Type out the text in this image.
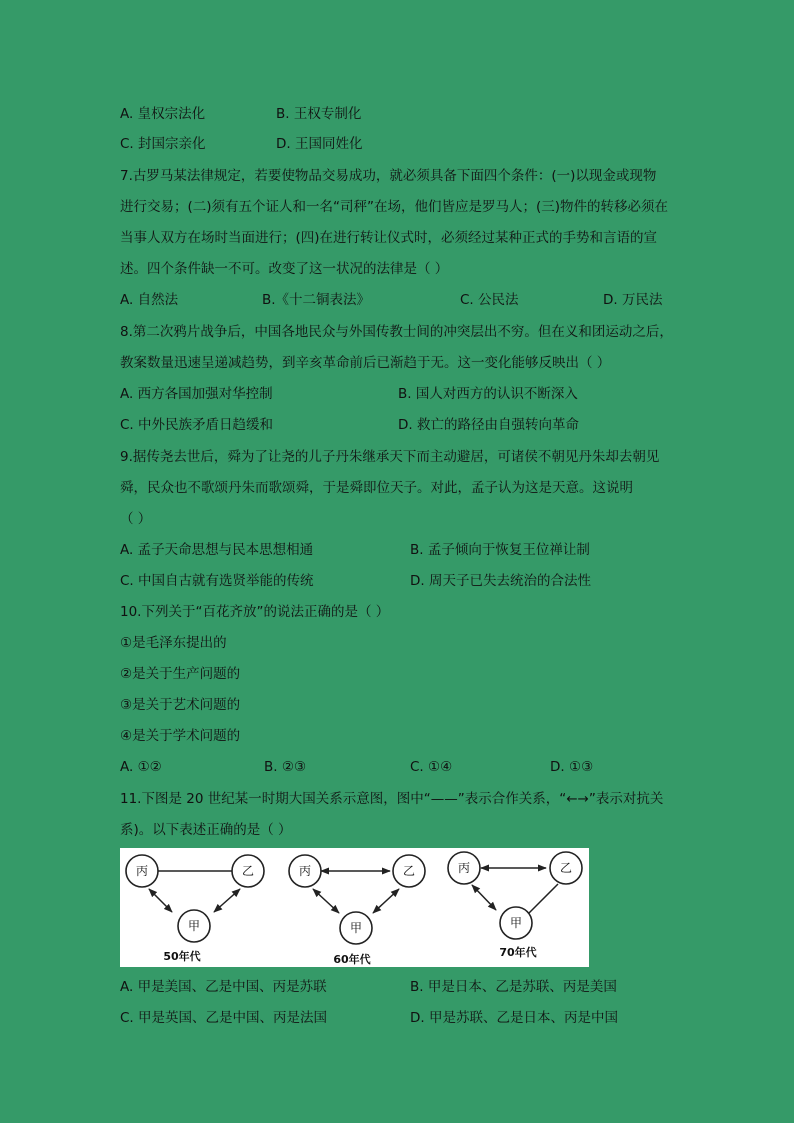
A. 皇权宗法化	B. 王权专制化
C. 封国宗亲化	D. 王国同姓化
7.古罗马某法律规定，若要使物品交易成功，就必须具备下面四个条件：(一)以现金或现物
进行交易；(二)须有五个证人和一名“司秤”在场，他们皆应是罗马人；(三)物件的转移必须在
当事人双方在场时当面进行；(四)在进行转让仪式时，必须经过某种正式的手势和言语的宣
述。四个条件缺一不可。改变了这一状况的法律是（ ）
A. 自然法	B.《十二铜表法》	C. 公民法	D. 万民法
8.第二次鸦片战争后，中国各地民众与外国传教士间的冲突层出不穷。但在义和团运动之后，
教案数量迅速呈递减趋势，到辛亥革命前后已渐趋于无。这一变化能够反映出（ ）
A. 西方各国加强对华控制	B. 国人对西方的认识不断深入
C. 中外民族矛盾日趋缓和	D. 救亡的路径由自强转向革命
9.据传尧去世后，舜为了让尧的儿子丹朱继承天下而主动避居，可诸侯不朝见丹朱却去朝见
舜，民众也不歌颂丹朱而歌颂舜，于是舜即位天子。对此，孟子认为这是天意。这说明
（ ）
A. 孟子天命思想与民本思想相通	B. 孟子倾向于恢复王位禅让制
C. 中国自古就有选贤举能的传统	D. 周天子已失去统治的合法性
10.下列关于“百花齐放”的说法正确的是（ ）
①是毛泽东提出的
②是关于生产问题的
③是关于艺术问题的
④是关于学术问题的
A. ①②	B. ②③	C. ①④	D. ①③
11.下图是 20 世纪某一时期大国关系示意图，图中“——”表示合作关系，“←→”表示对抗关
系)。以下表述正确的是（ ）
丙	乙
甲
50年代
丙	乙
甲
60年代
丙	乙
甲
70年代
A. 甲是美国、乙是中国、丙是苏联	B. 甲是日本、乙是苏联、丙是美国
C. 甲是英国、乙是中国、丙是法国	D. 甲是苏联、乙是日本、丙是中国
